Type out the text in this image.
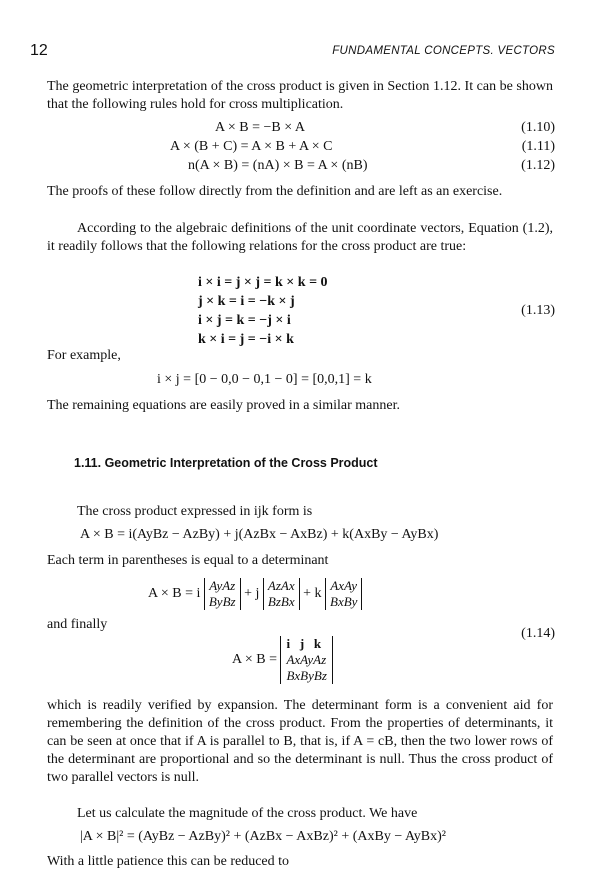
12	FUNDAMENTAL CONCEPTS. VECTORS
The geometric interpretation of the cross product is given in Section 1.12. It can be shown that the following rules hold for cross multiplication.
A × B = −B × A	(1.10)
A × (B + C) = A × B + A × C	(1.11)
n(A × B) = (nA) × B = A × (nB)	(1.12)
The proofs of these follow directly from the definition and are left as an exercise.
According to the algebraic definitions of the unit coordinate vectors, Equation (1.2), it readily follows that the following relations for the cross product are true:
i × i = j × j = k × k = 0
j × k = i = −k × j
i × j = k = −j × i
k × i = j = −i × k
(1.13)
For example,
i × j = [0 − 0,0 − 0,1 − 0] = [0,0,1] = k
The remaining equations are easily proved in a similar manner.
1.11. Geometric Interpretation of the Cross Product
The cross product expressed in ijk form is
A × B = i(AyBz − AzBy) + j(AzBx − AxBz) + k(AxBy − AyBx)
Each term in parentheses is equal to a determinant
A × B = i AyAz
ByBz + j AzAx
BzBx + k AxAy
BxBy
and finally
A × B = i   j   k
AxAyAz
BxByBz
(1.14)
which is readily verified by expansion. The determinant form is a convenient aid for remembering the definition of the cross product. From the properties of determinants, it can be seen at once that if A is parallel to B, that is, if A = cB, then the two lower rows of the determinant are proportional and so the determinant is null. Thus the cross product of two parallel vectors is null.
Let us calculate the magnitude of the cross product. We have
|A × B|² = (AyBz − AzBy)² + (AzBx − AxBz)² + (AxBy − AyBx)²
With a little patience this can be reduced to
